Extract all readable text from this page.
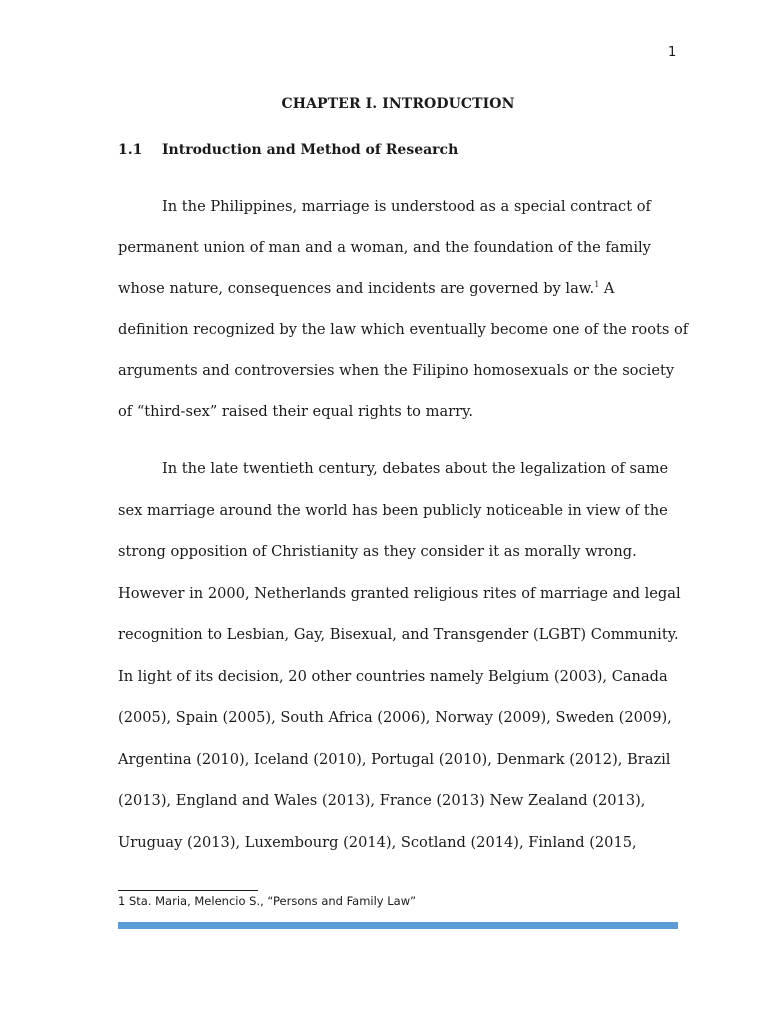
1
CHAPTER I. INTRODUCTION
1.1 Introduction and Method of Research
In the Philippines, marriage is understood as a special contract of
permanent union of man and a woman, and the foundation of the family
whose nature, consequences and incidents are governed by law.$^1$ A
definition recognized by the law which eventually become one of the roots of
arguments and controversies when the Filipino homosexuals or the society
of “third-sex” raised their equal rights to marry.
In the late twentieth century, debates about the legalization of same
sex marriage around the world has been publicly noticeable in view of the
strong opposition of Christianity as they consider it as morally wrong.
However in 2000, Netherlands granted religious rites of marriage and legal
recognition to Lesbian, Gay, Bisexual, and Transgender (LGBT) Community.
In light of its decision, 20 other countries namely Belgium (2003), Canada
(2005), Spain (2005), South Africa (2006), Norway (2009), Sweden (2009),
Argentina (2010), Iceland (2010), Portugal (2010), Denmark (2012), Brazil
(2013), England and Wales (2013), France (2013) New Zealand (2013),
Uruguay (2013), Luxembourg (2014), Scotland (2014), Finland (2015,
1 Sta. Maria, Melencio S., “Persons and Family Law”
